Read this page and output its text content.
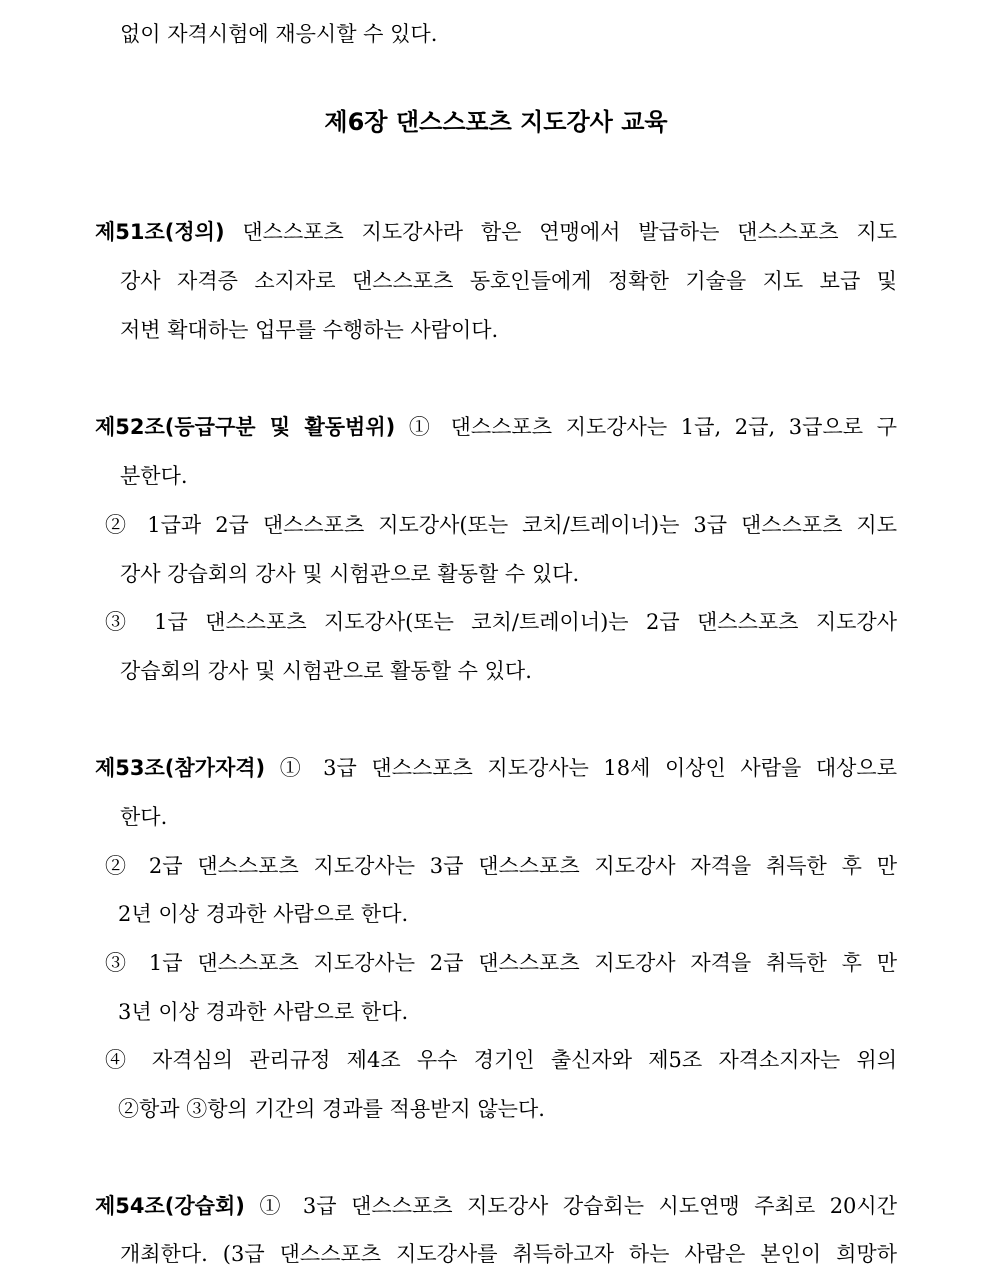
없이 자격시험에 재응시할 수 있다.
제6장 댄스스포츠 지도강사 교육
제51조(정의) 댄스스포츠 지도강사라 함은 연맹에서 발급하는 댄스스포츠 지도
강사 자격증 소지자로 댄스스포츠 동호인들에게 정확한 기술을 지도 보급 및
저변 확대하는 업무를 수행하는 사람이다.
제52조(등급구분 및 활동범위) ① 댄스스포츠 지도강사는 1급, 2급, 3급으로 구
분한다.
② 1급과 2급 댄스스포츠 지도강사(또는 코치/트레이너)는 3급 댄스스포츠 지도
강사 강습회의 강사 및 시험관으로 활동할 수 있다.
③ 1급 댄스스포츠 지도강사(또는 코치/트레이너)는 2급 댄스스포츠 지도강사
강습회의 강사 및 시험관으로 활동할 수 있다.
제53조(참가자격) ① 3급 댄스스포츠 지도강사는 18세 이상인 사람을 대상으로
한다.
② 2급 댄스스포츠 지도강사는 3급 댄스스포츠 지도강사 자격을 취득한 후 만
2년 이상 경과한 사람으로 한다.
③ 1급 댄스스포츠 지도강사는 2급 댄스스포츠 지도강사 자격을 취득한 후 만
3년 이상 경과한 사람으로 한다.
④ 자격심의 관리규정 제4조 우수 경기인 출신자와 제5조 자격소지자는 위의
②항과 ③항의 기간의 경과를 적용받지 않는다.
제54조(강습회) ① 3급 댄스스포츠 지도강사 강습회는 시도연맹 주최로 20시간
개최한다. (3급 댄스스포츠 지도강사를 취득하고자 하는 사람은 본인이 희망하
